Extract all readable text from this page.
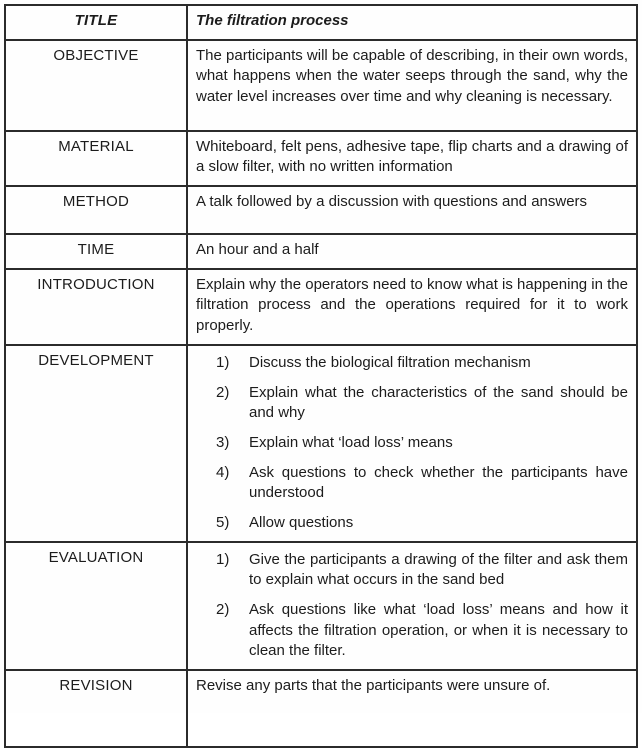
TITLE	The filtration process
OBJECTIVE	The participants will be capable of describing, in their own words, what happens when the water seeps through the sand, why the water level increases over time and why cleaning is necessary.
MATERIAL	Whiteboard, felt pens, adhesive tape, flip charts and a drawing of a slow filter, with no written information
METHOD	A talk followed by a discussion with questions and answers
TIME	An hour and a half
INTRODUCTION	Explain why the operators need to know what is happening in the filtration process and the operations required for it to work properly.
DEVELOPMENT	1)	Discuss the biological filtration mechanism
2)	Explain what the characteristics of the sand should be and why
3)	Explain what ‘load loss’ means
4)	Ask questions to check whether the participants have understood
5)	Allow questions

EVALUATION	1)	Give the participants a drawing of the filter and ask them to explain what occurs in the sand bed
2)	Ask questions like what ‘load loss’ means and how it affects the filtration operation, or when it is necessary to clean the filter.

REVISION	Revise any parts that the participants were unsure of.
